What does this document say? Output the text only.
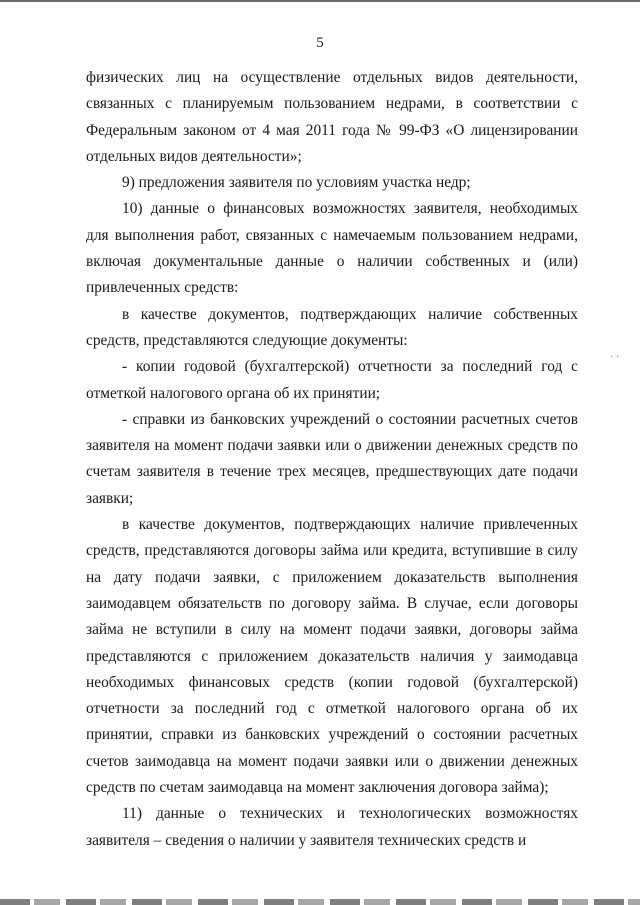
5

физических лиц на осуществление отдельных видов деятельности, связанных с планируемым пользованием недрами, в соответствии с Федеральным законом от 4 мая 2011 года № 99-ФЗ «О лицензировании отдельных видов деятельности»;

9) предложения заявителя по условиям участка недр;

10) данные о финансовых возможностях заявителя, необходимых для выполнения работ, связанных с намечаемым пользованием недрами, включая документальные данные о наличии собственных и (или) привлеченных средств:

в качестве документов, подтверждающих наличие собственных средств, представляются следующие документы:

- копии годовой (бухгалтерской) отчетности за последний год с отметкой налогового органа об их принятии;

- справки из банковских учреждений о состоянии расчетных счетов заявителя на момент подачи заявки или о движении денежных средств по счетам заявителя в течение трех месяцев, предшествующих дате подачи заявки;

в качестве документов, подтверждающих наличие привлеченных средств, представляются договоры займа или кредита, вступившие в силу на дату подачи заявки, с приложением доказательств выполнения заимодавцем обязательств по договору займа. В случае, если договоры займа не вступили в силу на момент подачи заявки, договоры займа представляются с приложением доказательств наличия у заимодавца необходимых финансовых средств (копии годовой (бухгалтерской) отчетности за последний год с отметкой налогового органа об их принятии, справки из банковских учреждений о состоянии расчетных счетов заимодавца на момент подачи заявки или о движении денежных средств по счетам заимодавца на момент заключения договора займа);

11) данные о технических и технологических возможностях заявителя – сведения о наличии у заявителя технических средств и

· ·
